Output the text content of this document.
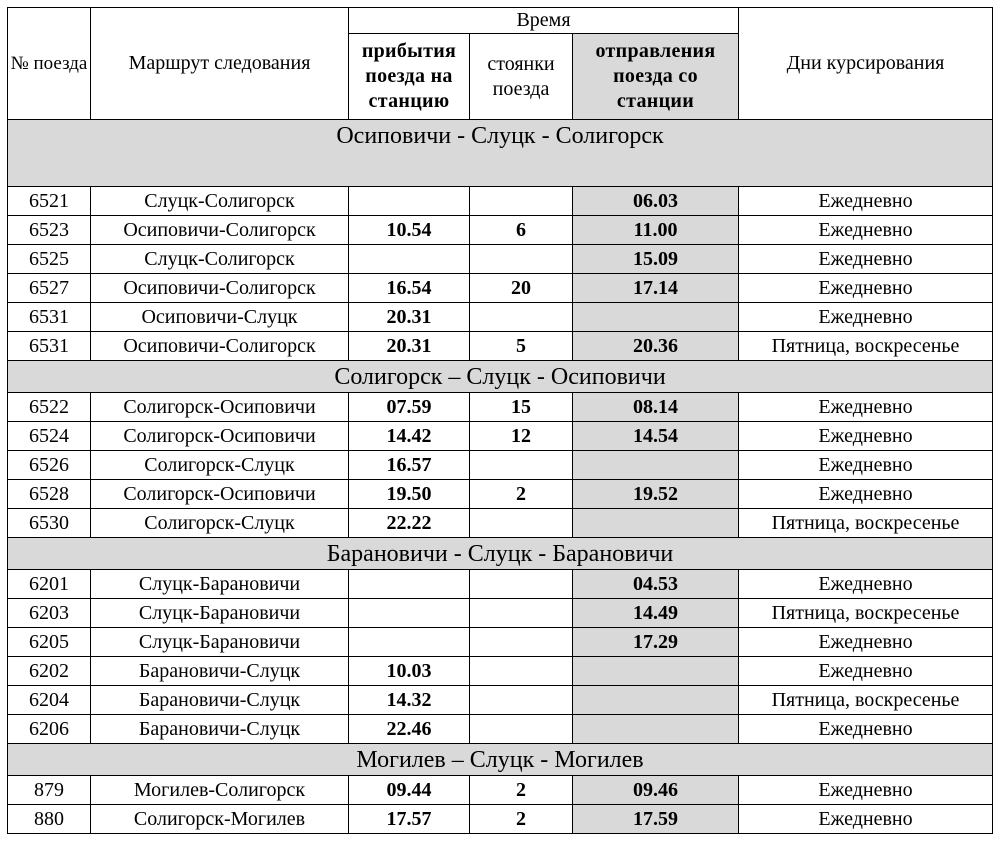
№ поезда	Маршрут следования	Время			Дни курсирования
		прибытия поезда на станцию	стоянки поезда	отправления поезда со станции	
Осиповичи - Слуцк - Солигорск					
6521	Слуцк-Солигорск			06.03	Ежедневно
6523	Осиповичи-Солигорск	10.54	6	11.00	Ежедневно
6525	Слуцк-Солигорск			15.09	Ежедневно
6527	Осиповичи-Солигорск	16.54	20	17.14	Ежедневно
6531	Осиповичи-Слуцк	20.31			Ежедневно
6531	Осиповичи-Солигорск	20.31	5	20.36	Пятница, воскресенье
Солигорск – Слуцк - Осиповичи					
6522	Солигорск-Осиповичи	07.59	15	08.14	Ежедневно
6524	Солигорск-Осиповичи	14.42	12	14.54	Ежедневно
6526	Солигорск-Слуцк	16.57			Ежедневно
6528	Солигорск-Осиповичи	19.50	2	19.52	Ежедневно
6530	Солигорск-Слуцк	22.22			Пятница, воскресенье
Барановичи - Слуцк - Барановичи					
6201	Слуцк-Барановичи			04.53	Ежедневно
6203	Слуцк-Барановичи			14.49	Пятница, воскресенье
6205	Слуцк-Барановичи			17.29	Ежедневно
6202	Барановичи-Слуцк	10.03			Ежедневно
6204	Барановичи-Слуцк	14.32			Пятница, воскресенье
6206	Барановичи-Слуцк	22.46			Ежедневно
Могилев – Слуцк - Могилев					
879	Могилев-Солигорск	09.44	2	09.46	Ежедневно
880	Солигорск-Могилев	17.57	2	17.59	Ежедневно
